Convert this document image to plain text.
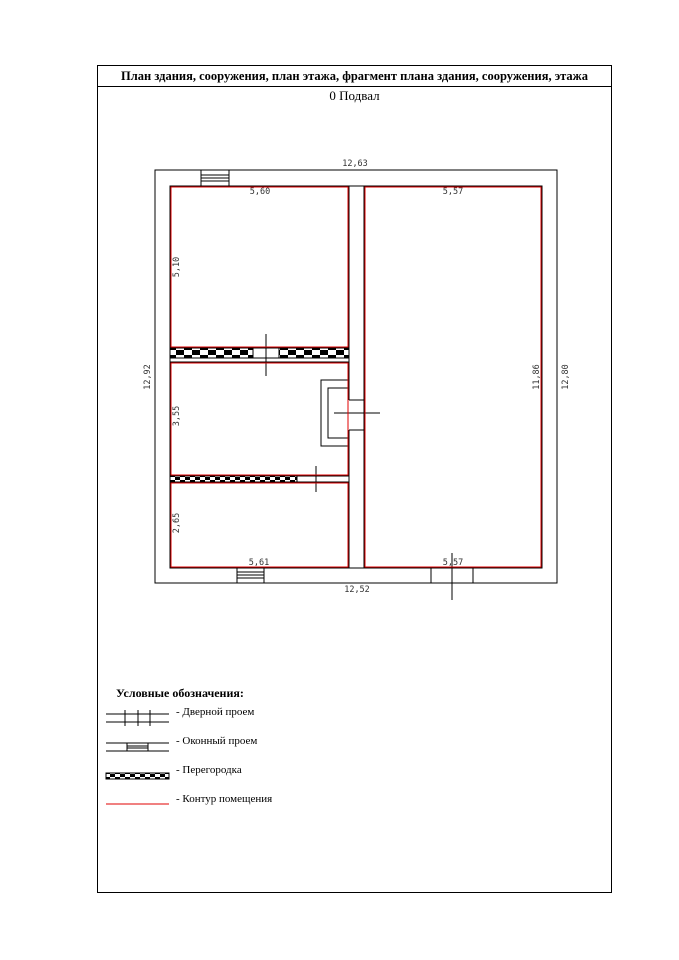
План здания, сооружения, план этажа, фрагмент плана здания, сооружения, этажа
0 Подвал
12,63
12,52
5,60	5,57
5,61	5,57
12,92	12,80
11,86
5,10
3,55
2,65
Условные обозначения:
- Дверной проем
- Оконный проем
- Перегородка
- Контур помещения
